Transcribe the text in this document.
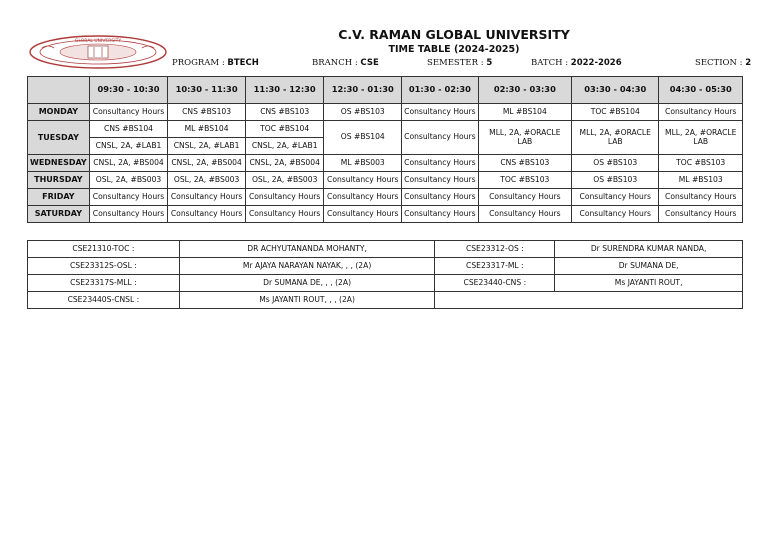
GLOBAL UNIVERSITY	C.V. RAMAN GLOBAL UNIVERSITY
TIME TABLE (2024-2025)
PROGRAM : BTECH	BRANCH : CSE	SEMESTER : 5	BATCH : 2022-2026	SECTION : 2
	09:30 - 10:30	10:30 - 11:30	11:30 - 12:30	12:30 - 01:30	01:30 - 02:30	02:30 - 03:30	03:30 - 04:30	04:30 - 05:30
MONDAY	Consultancy Hours	CNS #BS103	CNS #BS103	OS #BS103	Consultancy Hours	ML #BS104	TOC #BS104	Consultancy Hours
TUESDAY	CNS #BS104	ML #BS104	TOC #BS104	OS #BS104	Consultancy Hours	MLL, 2A, #ORACLE LAB	MLL, 2A, #ORACLE LAB	MLL, 2A, #ORACLE LAB
	CNSL, 2A, #LAB1	CNSL, 2A, #LAB1	CNSL, 2A, #LAB1					
WEDNESDAY	CNSL, 2A, #BS004	CNSL, 2A, #BS004	CNSL, 2A, #BS004	ML #BS003	Consultancy Hours	CNS #BS103	OS #BS103	TOC #BS103
THURSDAY	OSL, 2A, #BS003	OSL, 2A, #BS003	OSL, 2A, #BS003	Consultancy Hours	Consultancy Hours	TOC #BS103	OS #BS103	ML #BS103
FRIDAY	Consultancy Hours	Consultancy Hours	Consultancy Hours	Consultancy Hours	Consultancy Hours	Consultancy Hours	Consultancy Hours	Consultancy Hours
SATURDAY	Consultancy Hours	Consultancy Hours	Consultancy Hours	Consultancy Hours	Consultancy Hours	Consultancy Hours	Consultancy Hours	Consultancy Hours
CSE21310-TOC :	DR ACHYUTANANDA MOHANTY,	CSE23312-OS :	Dr SURENDRA KUMAR NANDA,
CSE23312S-OSL :	Mr AJAYA NARAYAN NAYAK, , , (2A)	CSE23317-ML :	Dr SUMANA DE,
CSE23317S-MLL :	Dr SUMANA DE, , , (2A)	CSE23440-CNS :	Ms JAYANTI ROUT,
CSE23440S-CNSL :	Ms JAYANTI ROUT, , , (2A)		
